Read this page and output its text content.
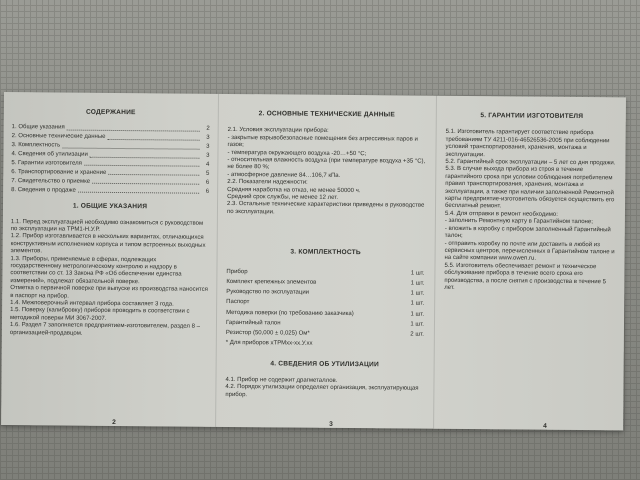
СОДЕРЖАНИЕ

1. Общие указания	2
2. Основные технические данные	3
3. Комплектность	3
4. Сведения об утилизации	3
5. Гарантии изготовителя	4
6. Транспортирование и хранение	5
7. Свидетельство о приемке	6
8. Сведения о продаже	6

1. ОБЩИЕ УКАЗАНИЯ

1.1. Перед эксплуатацией необходимо ознакомиться с руководством по эксплуатации на ТРМ1-Н.У.Р.

1.2. Прибор изготавливается в нескольких вариантах, отличающихся конструктивным исполнением корпуса и типом встроенных выходных элементов.

1.3. Приборы, применяемые в сферах, подлежащих государственному метрологическому контролю и надзору в соответствии со ст. 13 Закона РФ «Об обеспечении единства измерений», подлежат обязательной поверке.

Отметка о первичной поверке при выпуске из производства наносится в паспорт на прибор.

1.4. Межповерочный интервал прибора составляет 3 года.

1.5. Поверку (калибровку) приборов проводить в соответствии с методикой поверки МИ 3067-2007.

1.6. Раздел 7 заполняется предприятием-изготовителем, раздел 8 – организацией-продавцом.

2

2. ОСНОВНЫЕ ТЕХНИЧЕСКИЕ ДАННЫЕ

2.1. Условия эксплуатации прибора:

- закрытые взрывобезопасные помещения без агрессивных паров и газов;

- температура окружающего воздуха -20…+50 °С;

- относительная влажность воздуха (при температуре воздуха +35 °С), не более 80 %;

- атмосферное давление 84…106,7 кПа.

2.2. Показатели надежности:

Средняя наработка на отказ, не менее 50000 ч.

Средний срок службы, не менее 12 лет.

2.3. Остальные технические характеристики приведены в руководстве по эксплуатации.

3. КОМПЛЕКТНОСТЬ

Прибор	1 шт.
Комплект крепежных элементов	1 шт.
Руководство по эксплуатации	1 шт.
Паспорт	1 шт.
Методика поверки (по требованию заказчика)	1 шт.
Гарантийный талон	1 шт.
Резистор (50,000 ± 0,025) Ом*	2 шт.

* Для приборов хТРМхх-хх.У.хх

4. СВЕДЕНИЯ ОБ УТИЛИЗАЦИИ

4.1. Прибор не содержит драгметаллов.

4.2. Порядок утилизации определяет организация, эксплуатирующая прибор.

3

5. ГАРАНТИИ ИЗГОТОВИТЕЛЯ

5.1. Изготовитель гарантирует соответствие прибора требованиям ТУ 4211-016-46526536-2005 при соблюдении условий транспортирования, хранения, монтажа и эксплуатации.

5.2. Гарантийный срок эксплуатации – 5 лет со дня продажи.

5.3. В случае выхода прибора из строя в течение гарантийного срока при условии соблюдения потребителем правил транспортирования, хранения, монтажа и эксплуатации, а также при наличии заполненной Ремонтной карты предприятие-изготовитель обязуется осуществить его бесплатный ремонт.

5.4. Для отправки в ремонт необходимо:

- заполнить Ремонтную карту в Гарантийном талоне;

- вложить в коробку с прибором заполненный Гарантийный талон;

- отправить коробку по почте или доставить в любой из сервисных центров, перечисленных в Гарантийном талоне и на сайте компании www.owen.ru.

5.5. Изготовитель обеспечивает ремонт и техническое обслуживание прибора в течение всего срока его производства, а после снятия с производства в течение 5 лет.

4
